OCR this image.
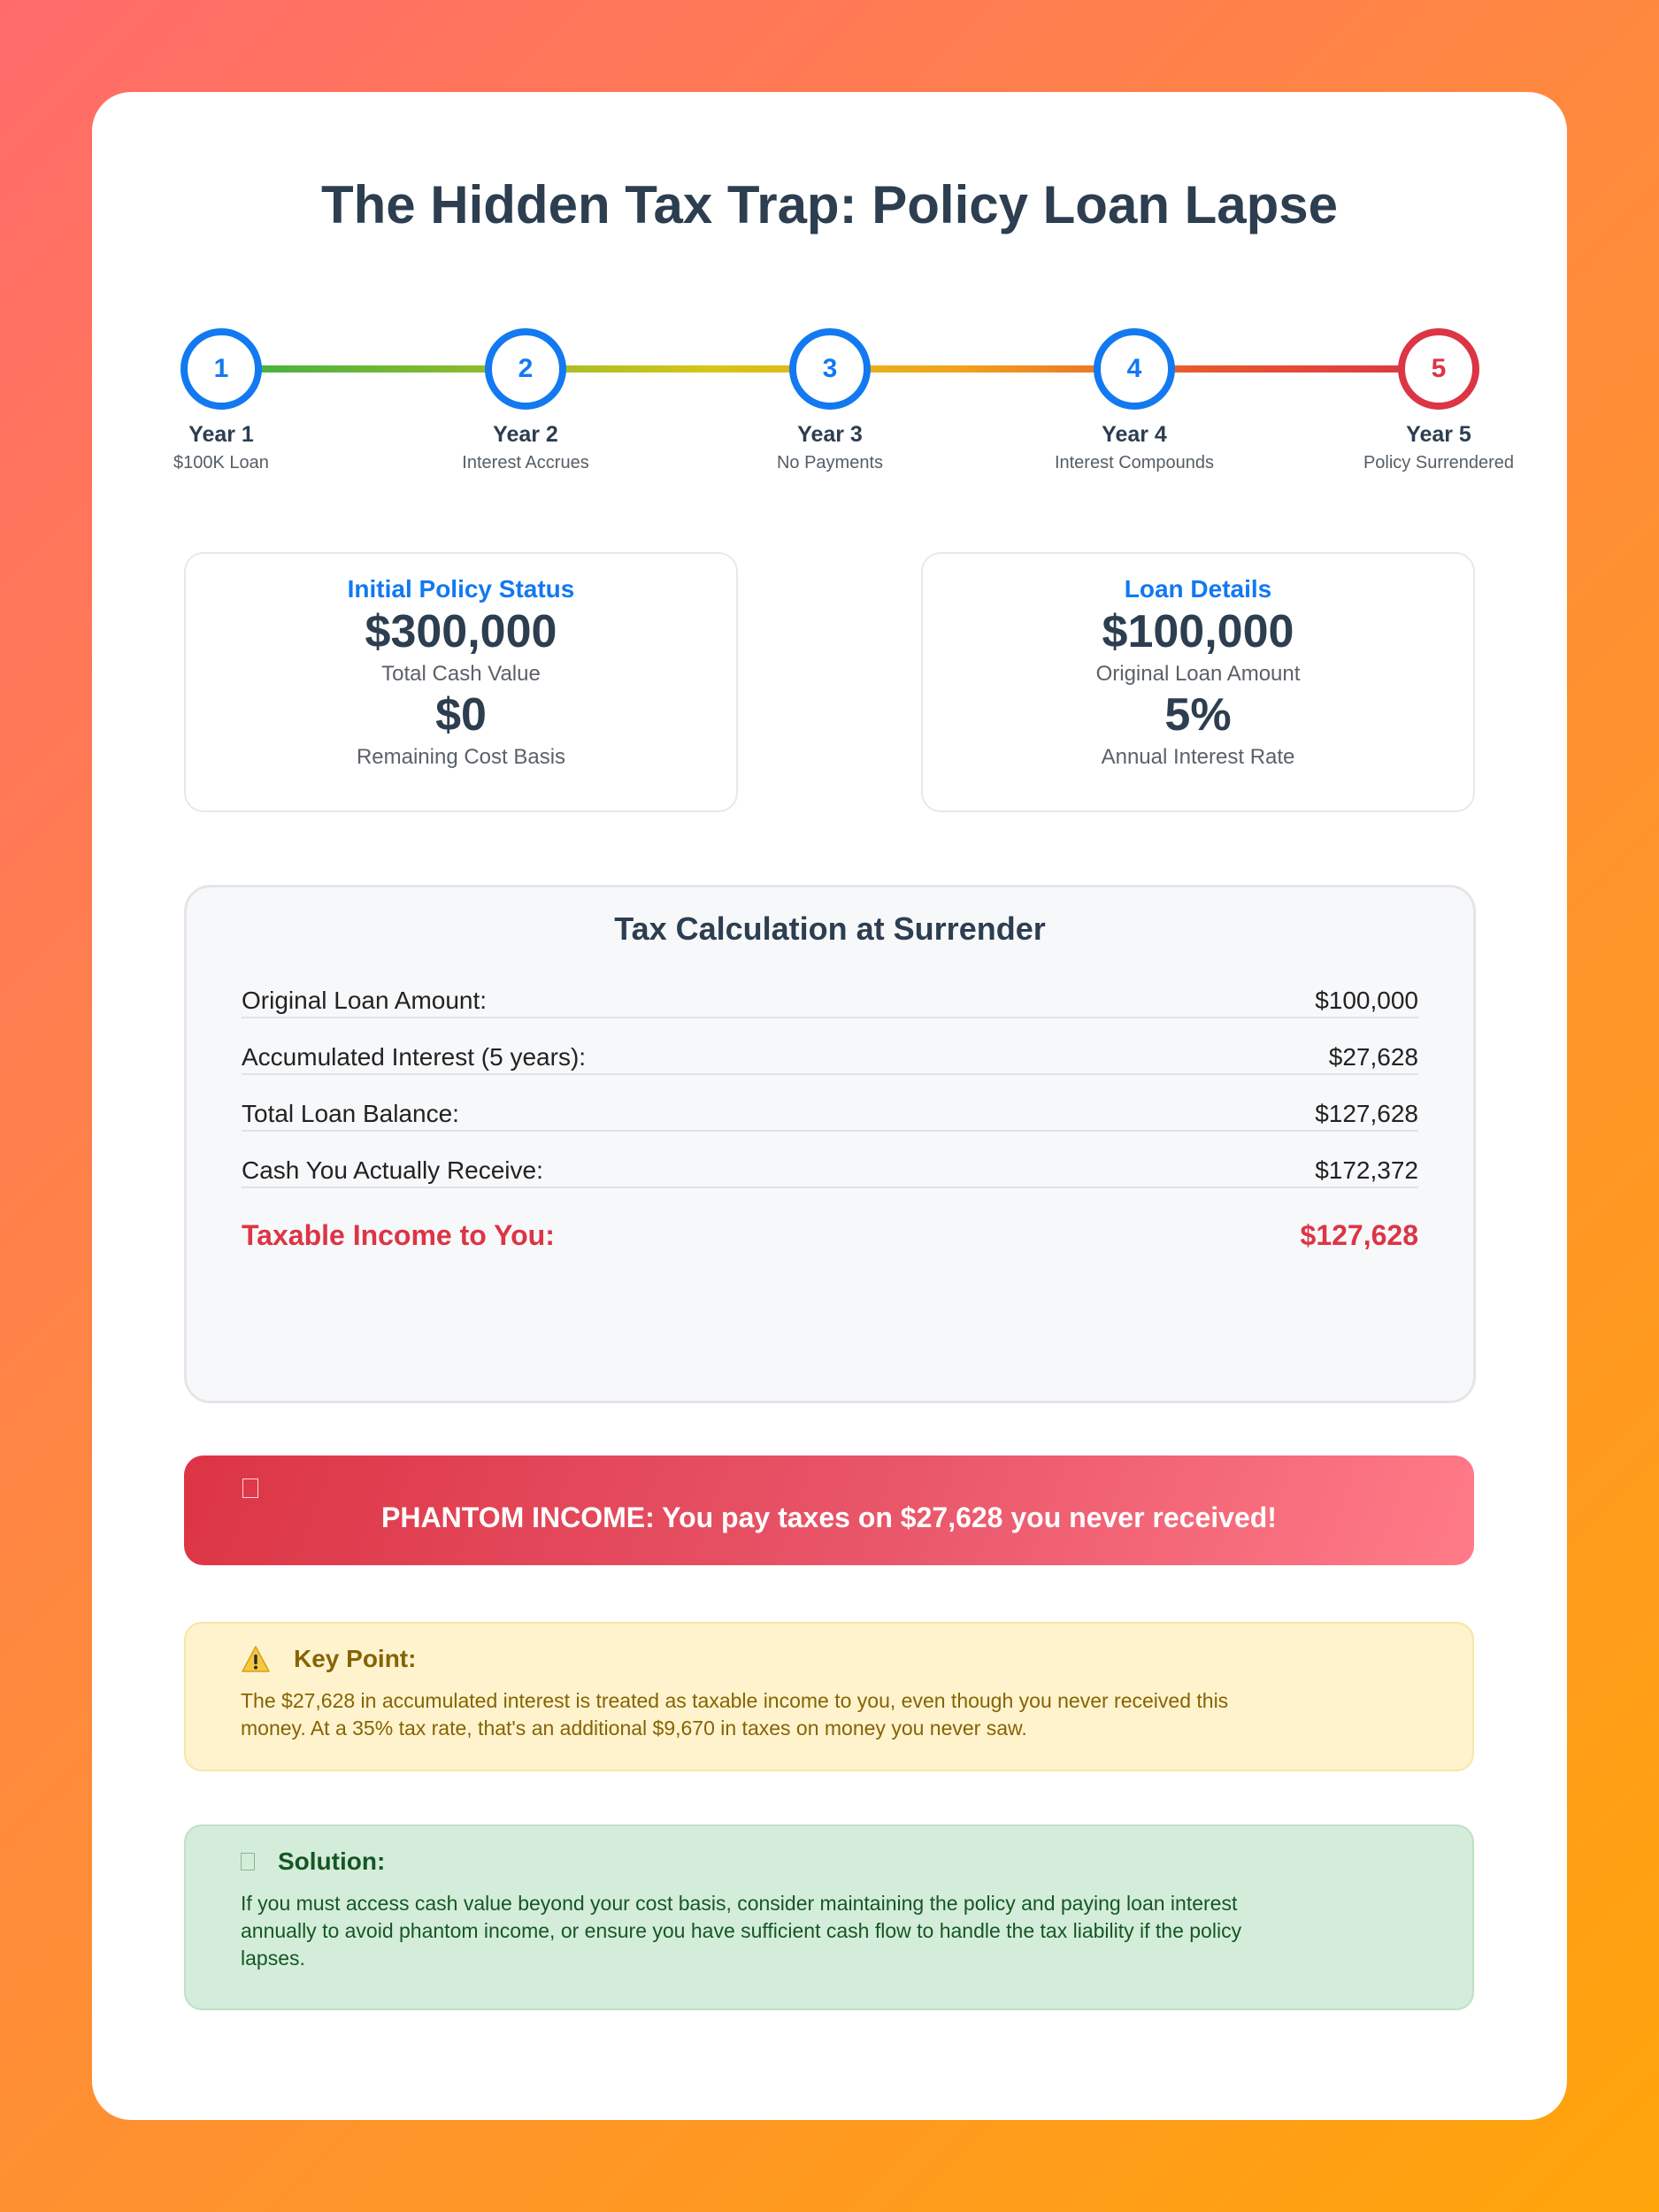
The Hidden Tax Trap: Policy Loan Lapse
1
Year 1
$100K Loan
2
Year 2
Interest Accrues
3
Year 3
No Payments
4
Year 4
Interest Compounds
5
Year 5
Policy Surrendered
Initial Policy Status
$300,000
Total Cash Value
$0
Remaining Cost Basis
Loan Details
$100,000
Original Loan Amount
5%
Annual Interest Rate
Tax Calculation at Surrender
Original Loan Amount:	$100,000
Accumulated Interest (5 years):	$27,628
Total Loan Balance:	$127,628
Cash You Actually Receive:	$172,372
Taxable Income to You:	$127,628
PHANTOM INCOME: You pay taxes on $27,628 you never received!
Key Point:
The $27,628 in accumulated interest is treated as taxable income to you, even though you never received this money. At a 35% tax rate, that's an additional $9,670 in taxes on money you never saw.
Solution:
If you must access cash value beyond your cost basis, consider maintaining the policy and paying loan interest annually to avoid phantom income, or ensure you have sufficient cash flow to handle the tax liability if the policy lapses.
